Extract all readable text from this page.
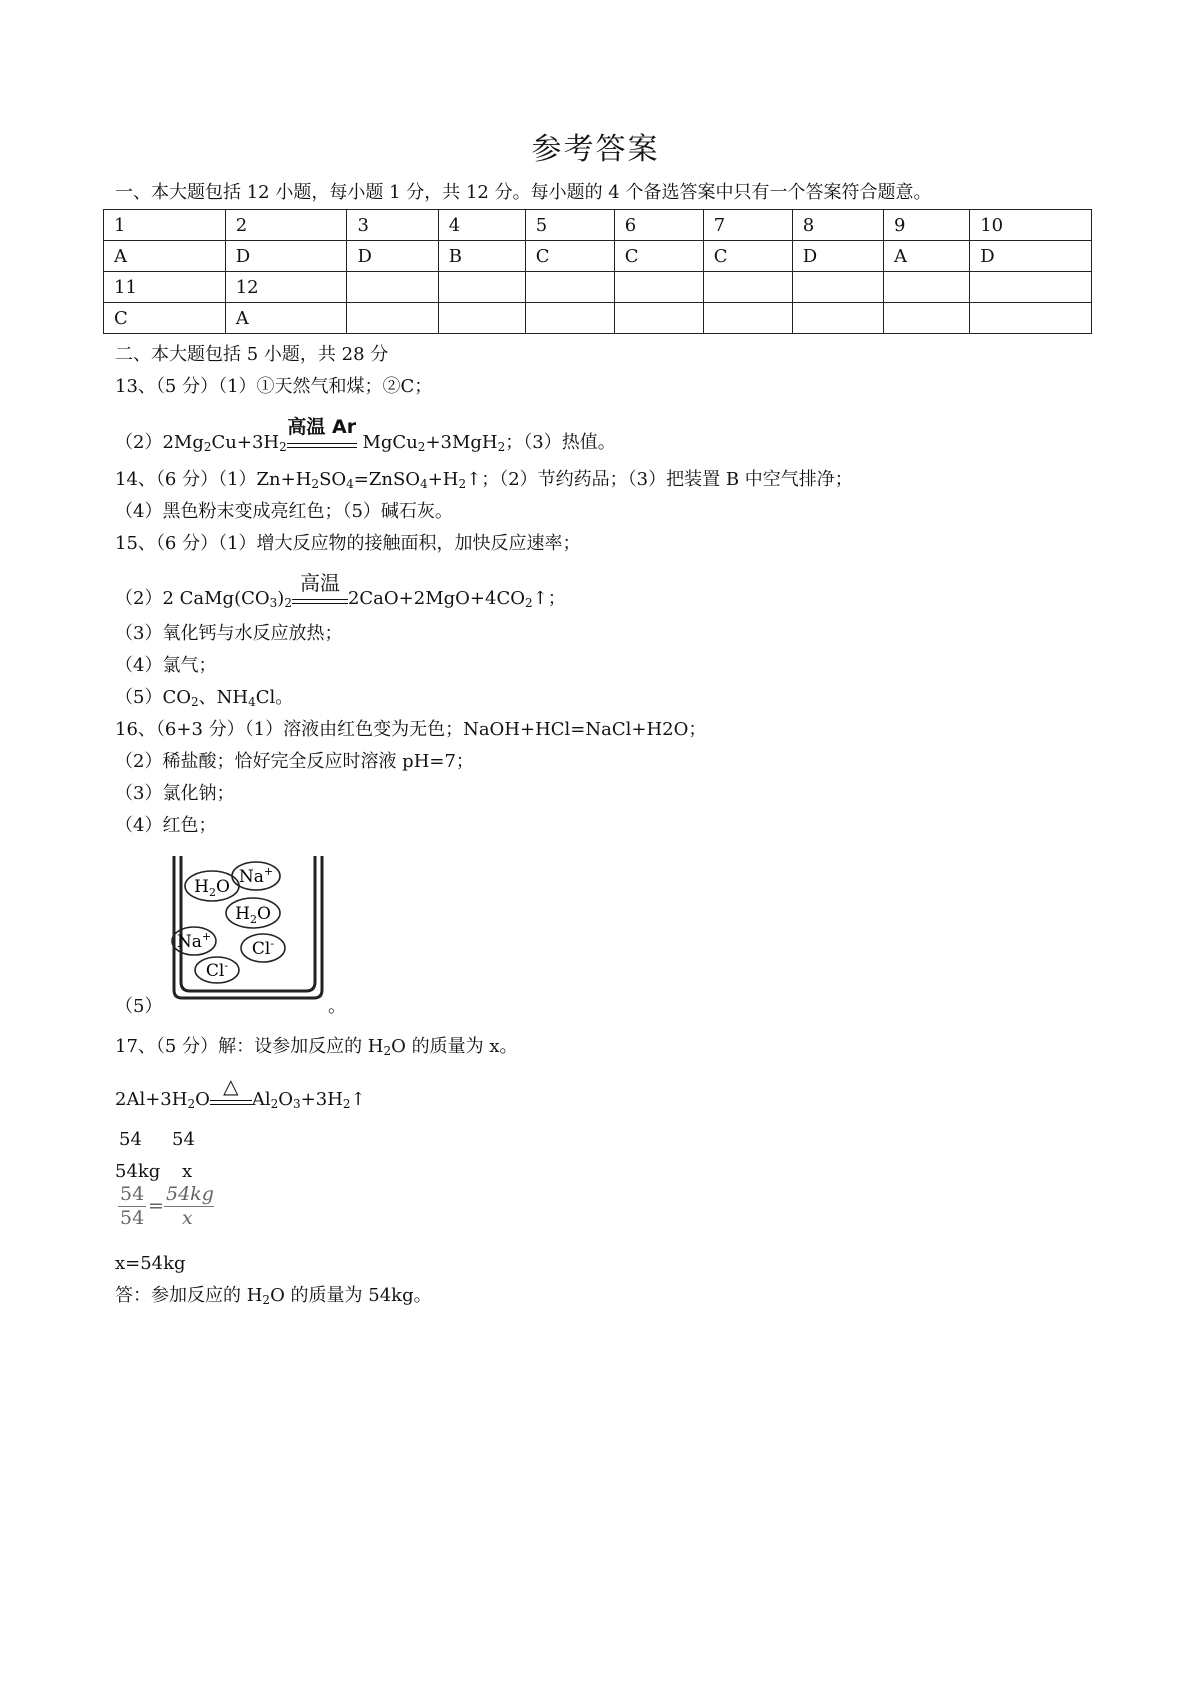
参考答案
一、本大题包括 12 小题，每小题 1 分，共 12 分。每小题的 4 个备选答案中只有一个答案符合题意。
1	2	3	4	5	6	7	8	9	10
A	D	D	B	C	C	C	D	A	D
11	12								
C	A								
二、本大题包括 5 小题，共 28 分
13、（5 分）（1）①天然气和煤；②C；
$(2)2Mg_2Cu+3H_2$
高温 Ar
MgCu$_2$+3MgH$_2$；（3）热值。
14、（6 分）$(1)Zn+H_2SO_4=ZnSO_4+H_2↑$；（2）节约药品；（3）把装置 B 中空气排净；
（4）黑色粉末变成亮红色；（5）碱石灰。
15、（6 分）（1）增大反应物的接触面积，加快反应速率；
（2）2 $CaMg(CO_3)_2$
高温
$2CaO+2MgO+4CO_2↑$；
（3）氧化钙与水反应放热；
（4）氯气；
$(5)CO_2$、$NH_4Cl$。
16、（6+3 分）（1）溶液由红色变为无色；NaOH+HCl=NaCl+H2O；
（2）稀盐酸；恰好完全反应时溶液 pH=7；
（3）氯化钠；
（4）红色；
（5）
$H_2O$ Na+
$H_2O$
Na+
Cl-
Cl-
。
17、（5 分）解：设参加反应的 $H_2O$ 的质量为 x。
$2Al+3H_2O$
△
$Al_2O_3+3H_2↑$
54 54
54kg x
54
54
=
54kg
x
x=54kg
答：参加反应的 $H_2O$ 的质量为 54kg。
